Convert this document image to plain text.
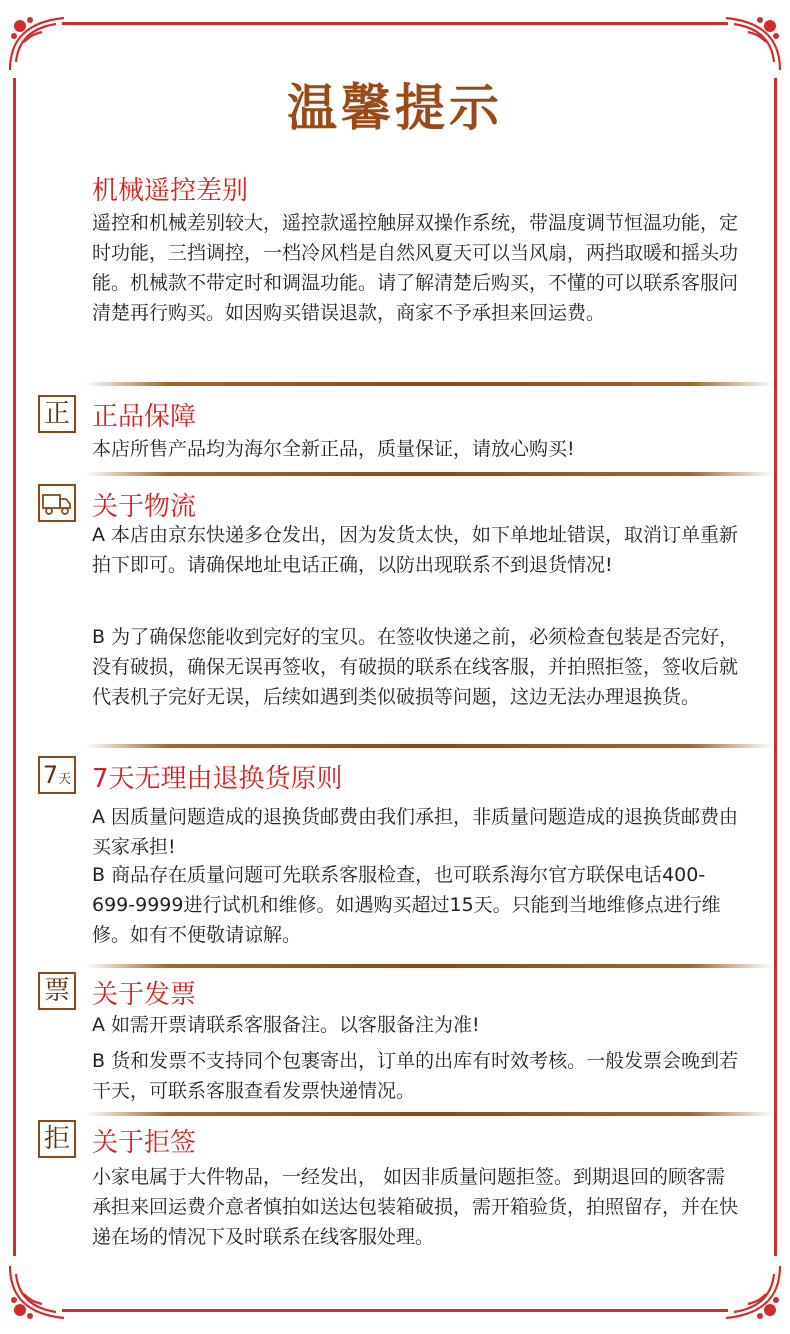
温馨提示
机械遥控差别

遥控和机械差别较大，遥控款遥控触屏双操作系统，带温度调节恒温功能，定时功能，三挡调控，一档冷风档是自然风夏天可以当风扇，两挡取暖和摇头功能。机械款不带定时和调温功能。请了解清楚后购买，不懂的可以联系客服问清楚再行购买。如因购买错误退款，商家不予承担来回运费。

正 正品保障

本店所售产品均为海尔全新正品，质量保证，请放心购买!

关于物流

A 本店由京东快递多仓发出，因为发货太快，如下单地址错误，取消订单重新拍下即可。请确保地址电话正确，以防出现联系不到退货情况!

B 为了确保您能收到完好的宝贝。在签收快递之前，必须检查包装是否完好，没有破损，确保无误再签收，有破损的联系在线客服，并拍照拒签，签收后就代表机子完好无误，后续如遇到类似破损等问题，这边无法办理退换货。

7天 7天无理由退换货原则

A 因质量问题造成的退换货邮费由我们承担，非质量问题造成的退换货邮费由买家承担!

B 商品存在质量问题可先联系客服检查，也可联系海尔官方联保电话400-699-9999进行试机和维修。如遇购买超过15天。只能到当地维修点进行维修。如有不便敬请谅解。

票 关于发票

A 如需开票请联系客服备注。以客服备注为准!

B 货和发票不支持同个包裹寄出，订单的出库有时效考核。一般发票会晚到若干天，可联系客服查看发票快递情况。

拒 关于拒签

小家电属于大件物品，一经发出， 如因非质量问题拒签。到期退回的顾客需承担来回运费介意者慎拍如送达包装箱破损，需开箱验货，拍照留存，并在快递在场的情况下及时联系在线客服处理。
